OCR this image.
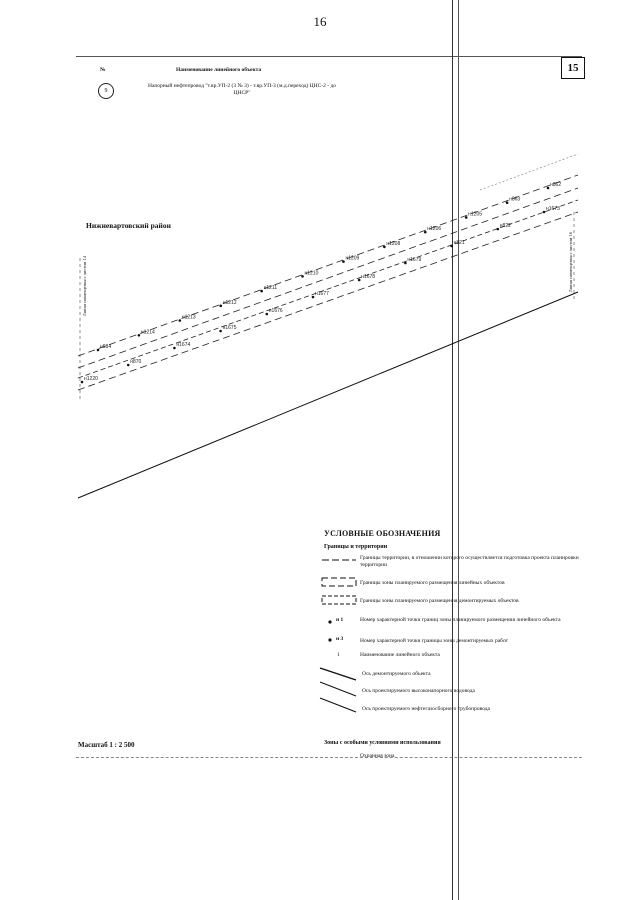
16
15
№	Наименование линейного объекта
9
Напорный нефтепровод "т.вр.УП-2 (3 № 3) - т.вр.УП-3 (м.д.переход) ЦНС-2 - до ЦНСР"
Нижневартовский район
н984
н1214
н1213
н1212
н1211
н1210
н1209
н1208
н1206
н1205
н863
н862
н1220
н870
н1674
н1675
н1676
н1677
н1678
н1679
н821
н822
н1673
Линия совмещения с листом 14	Линия совмещения с листом 16
УСЛОВНЫЕ ОБОЗНАЧЕНИЯ
Границы и территории
Границы территории, в отношении которого осуществляется подготовка проекта планировки территории
Границы зоны планируемого размещения линейных объектов
Границы зоны планируемого размещения демонтируемых объектов
н 1	Номер характерной точки границ зоны планируемого размещения линейного объекта
н 3	Номер характерной точки границы зоны демонтируемых работ
1	Наименование линейного объекта
Ось демонтируемого объекта
Ось проектируемого высоконапорного водовода
Ось проектируемого нефтегазосборного трубопровода
Зоны с особыми условиями использования
Охранная зона
Масштаб 1 : 2 500
